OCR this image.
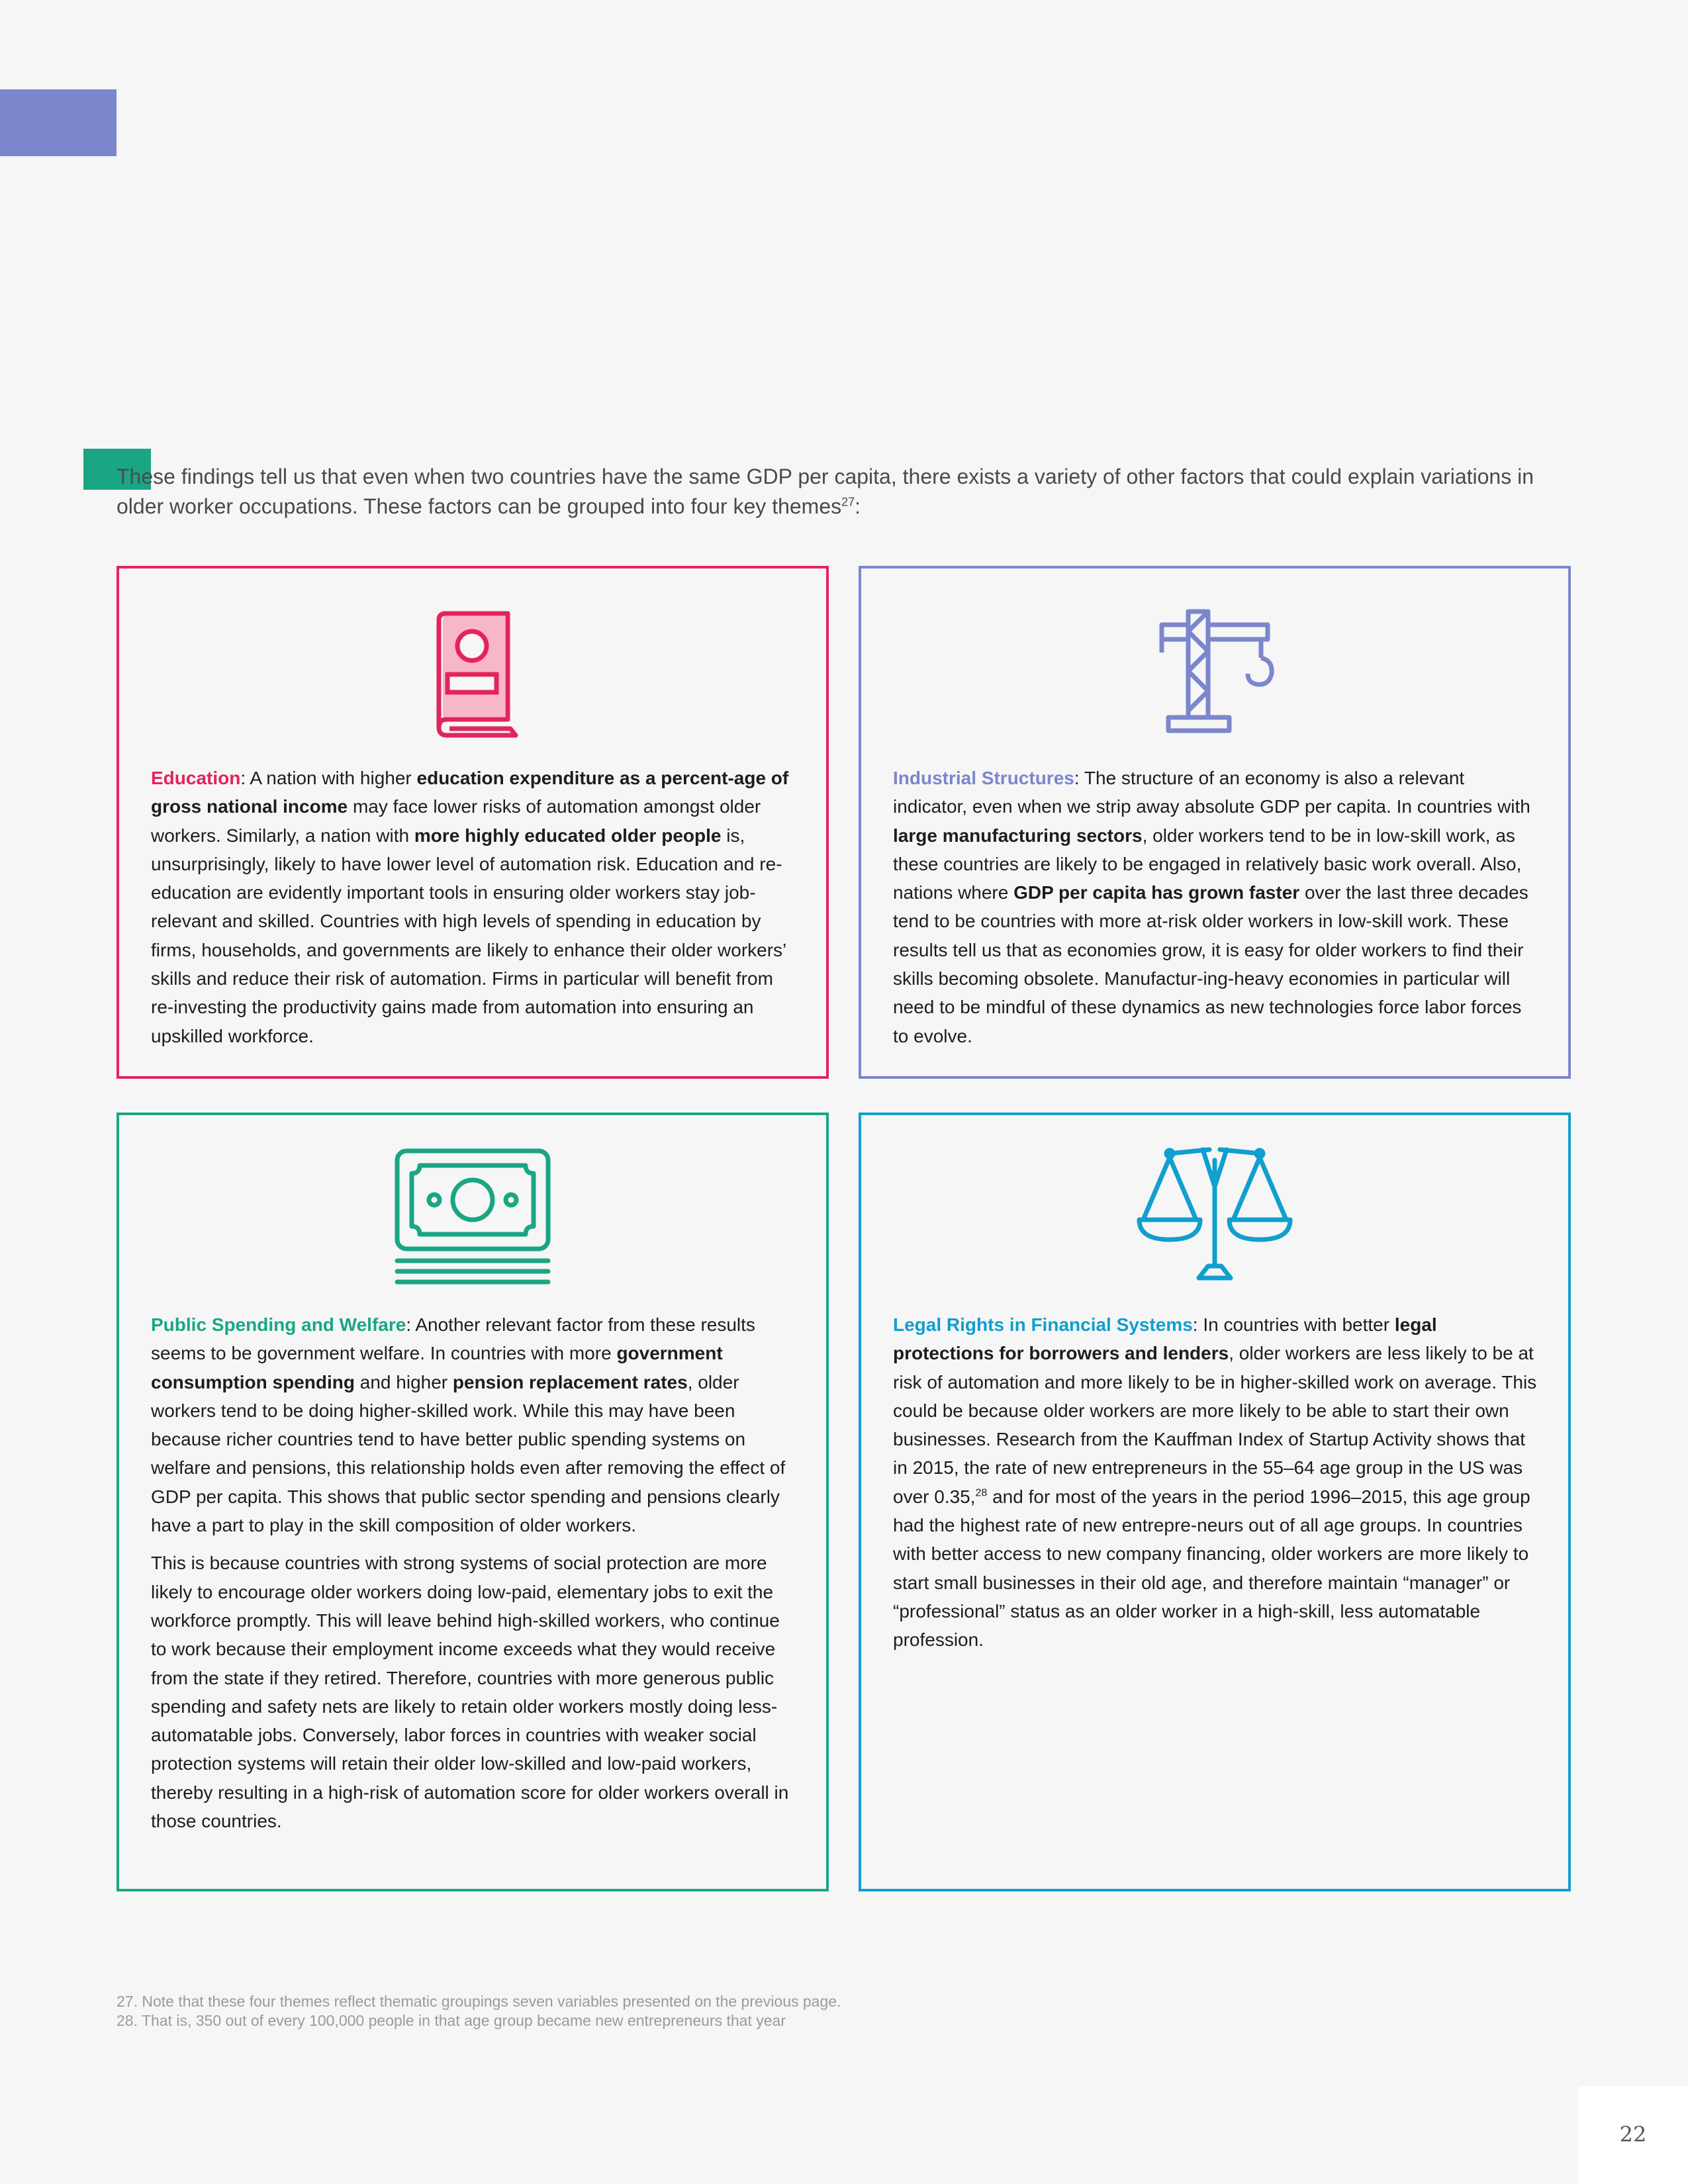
These findings tell us that even when two countries have the same GDP per capita, there exists a variety of other factors that could explain variations in older worker occupations. These factors can be grouped into four key themes$^{27}$:

Education: A nation with higher education expenditure as a percent-age of gross national income may face lower risks of automation amongst older workers. Similarly, a nation with more highly educated older people is, unsurprisingly, likely to have lower level of automation risk. Education and re-education are evidently important tools in ensuring older workers stay job-relevant and skilled. Countries with high levels of spending in education by firms, households, and governments are likely to enhance their older workers’ skills and reduce their risk of automation. Firms in particular will benefit from re-investing the productivity gains made from automation into ensuring an upskilled workforce.

Industrial Structures: The structure of an economy is also a relevant indicator, even when we strip away absolute GDP per capita. In countries with large manufacturing sectors, older workers tend to be in low-skill work, as these countries are likely to be engaged in relatively basic work overall. Also, nations where GDP per capita has grown faster over the last three decades tend to be countries with more at-risk older workers in low-skill work. These results tell us that as economies grow, it is easy for older workers to find their skills becoming obsolete. Manufactur-ing-heavy economies in particular will need to be mindful of these dynamics as new technologies force labor forces to evolve.

Public Spending and Welfare: Another relevant factor from these results seems to be government welfare. In countries with more government consumption spending and higher pension replacement rates, older workers tend to be doing higher-skilled work. While this may have been because richer countries tend to have better public spending systems on welfare and pensions, this relationship holds even after removing the effect of GDP per capita. This shows that public sector spending and pensions clearly have a part to play in the skill composition of older workers.

This is because countries with strong systems of social protection are more likely to encourage older workers doing low-paid, elementary jobs to exit the workforce promptly. This will leave behind high-skilled workers, who continue to work because their employment income exceeds what they would receive from the state if they retired. Therefore, countries with more generous public spending and safety nets are likely to retain older workers mostly doing less-automatable jobs. Conversely, labor forces in countries with weaker social protection systems will retain their older low-skilled and low-paid workers, thereby resulting in a high-risk of automation score for older workers overall in those countries.

Legal Rights in Financial Systems: In countries with better legal protections for borrowers and lenders, older workers are less likely to be at risk of automation and more likely to be in higher-skilled work on average. This could be because older workers are more likely to be able to start their own businesses. Research from the Kauffman Index of Startup Activity shows that in 2015, the rate of new entrepreneurs in the 55–64 age group in the US was over 0.35,28 and for most of the years in the period 1996–2015, this age group had the highest rate of new entrepre-neurs out of all age groups. In countries with better access to new company financing, older workers are more likely to start small businesses in their old age, and therefore maintain “manager” or “professional” status as an older worker in a high-skill, less automatable profession.

27. Note that these four themes reflect thematic groupings seven variables presented on the previous page.
28. That is, 350 out of every 100,000 people in that age group became new entrepreneurs that year
22
